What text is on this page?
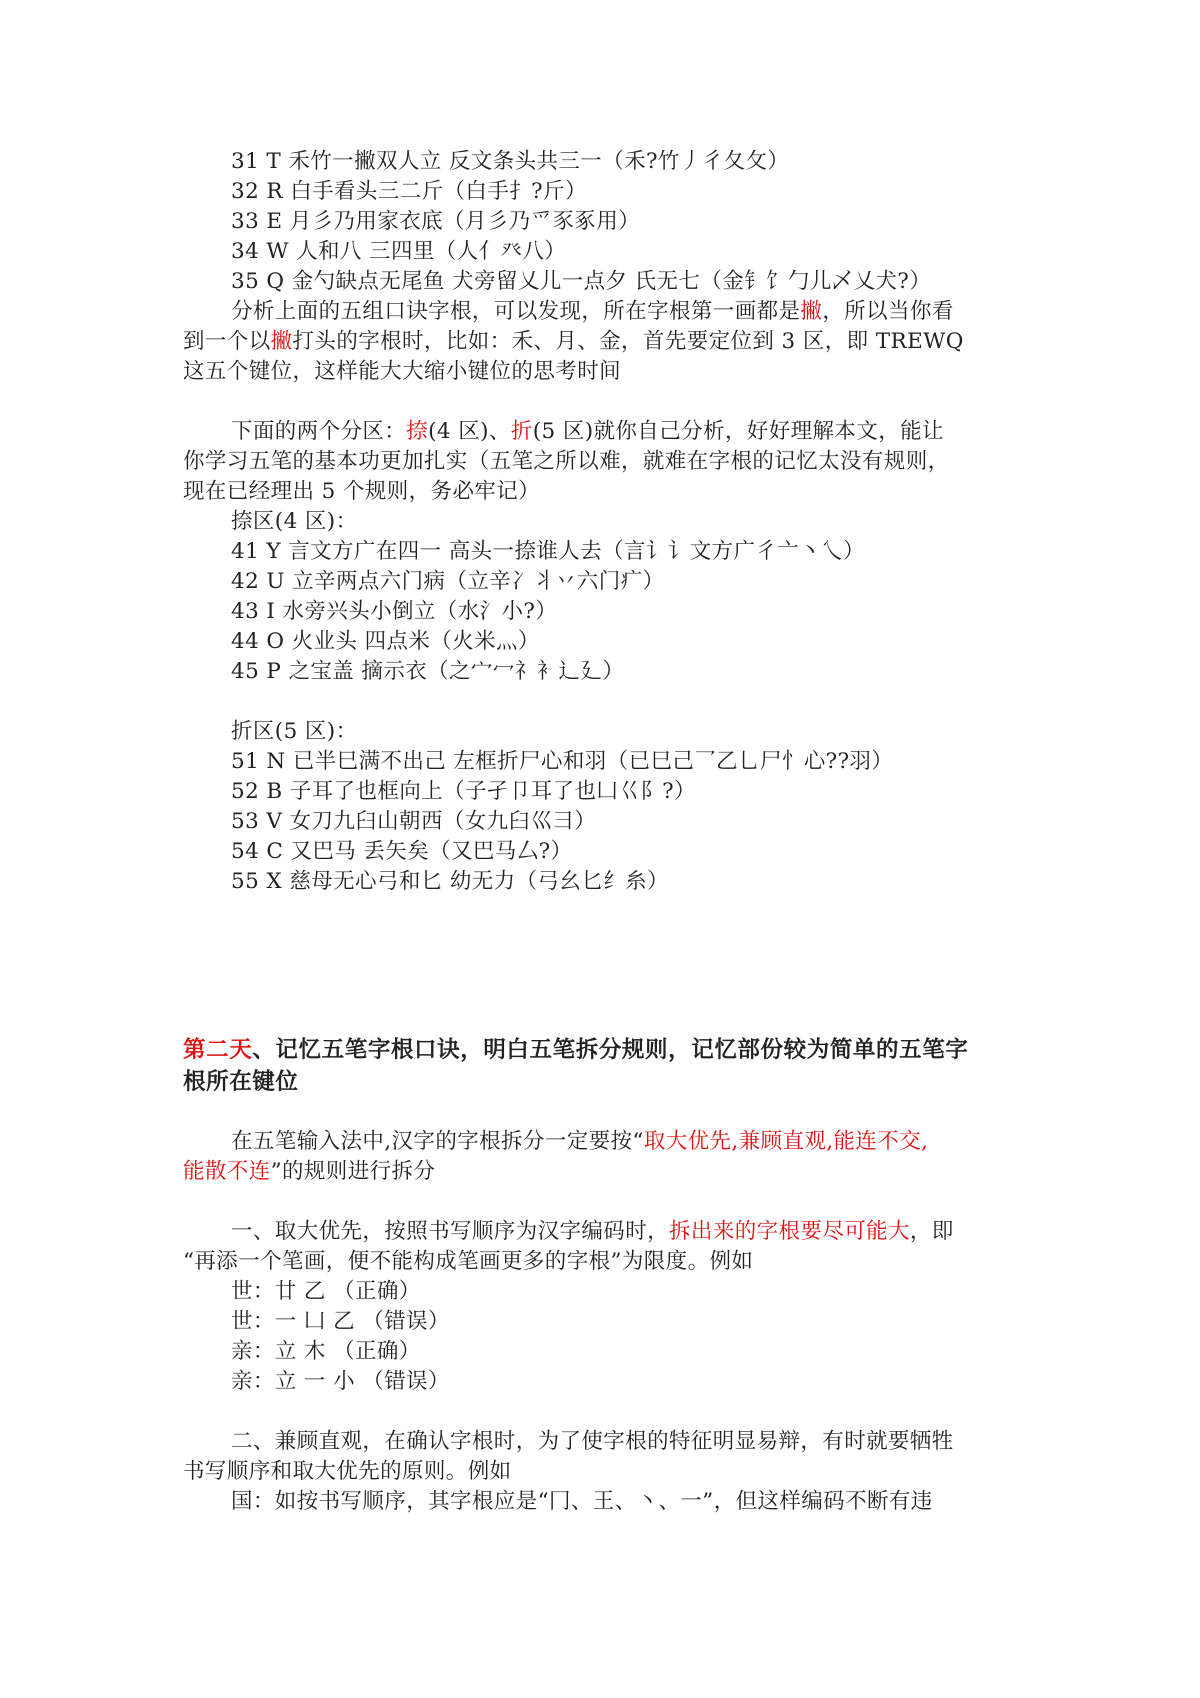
31 T 禾竹一撇双人立 反文条头共三一（禾?竹丿彳夂攵）
32 R 白手看头三二斤（白手扌?斤）
33 E 月彡乃用家衣底（月彡乃爫豕豖用）
34 W 人和八 三四里（人亻癶八）
35 Q 金勺缺点无尾鱼 犬旁留乂儿一点夕 氏无七（金钅饣勹儿乄乂犬?）
分析上面的五组口诀字根，可以发现，所在字根第一画都是撇，所以当你看
到一个以撇打头的字根时，比如：禾、月、金，首先要定位到 3 区，即 TREWQ
这五个键位，这样能大大缩小键位的思考时间
下面的两个分区：捺(4 区)、折(5 区)就你自己分析，好好理解本文，能让
你学习五笔的基本功更加扎实（五笔之所以难，就难在字根的记忆太没有规则，
现在已经理出 5 个规则，务必牢记）
捺区(4 区)：
41 Y 言文方广在四一 高头一捺谁人去（言讠讠文方广彳亠丶乀）
42 U 立辛两点六门病（立辛冫丬丷六门疒）
43 I 水旁兴头小倒立（水氵小?）
44 O 火业头 四点米（火米灬）
45 P 之宝盖 摘示衣（之宀冖礻衤辶廴）
折区(5 区)：
51 N 已半巳满不出己 左框折尸心和羽（已巳己乛乙乚尸忄心??羽）
52 B 子耳了也框向上（子孑卩耳了也凵巜阝?）
53 V 女刀九臼山朝西（女九臼巛彐）
54 C 又巴马 丢矢矣（又巴马厶?）
55 X 慈母无心弓和匕 幼无力（弓幺匕纟糸）
第二天、记忆五笔字根口诀，明白五笔拆分规则，记忆部份较为简单的五笔字
根所在键位
在五笔输入法中,汉字的字根拆分一定要按“取大优先,兼顾直观,能连不交,
能散不连”的规则进行拆分
一、取大优先，按照书写顺序为汉字编码时，拆出来的字根要尽可能大，即
“再添一个笔画，便不能构成笔画更多的字根”为限度。例如
世：廿 乙 （正确）
世：一 凵 乙 （错误）
亲：立 木 （正确）
亲：立 一 小 （错误）
二、兼顾直观，在确认字根时，为了使字根的特征明显易辩，有时就要牺牲
书写顺序和取大优先的原则。例如
国：如按书写顺序，其字根应是“冂、王、丶、一”，但这样编码不断有违
